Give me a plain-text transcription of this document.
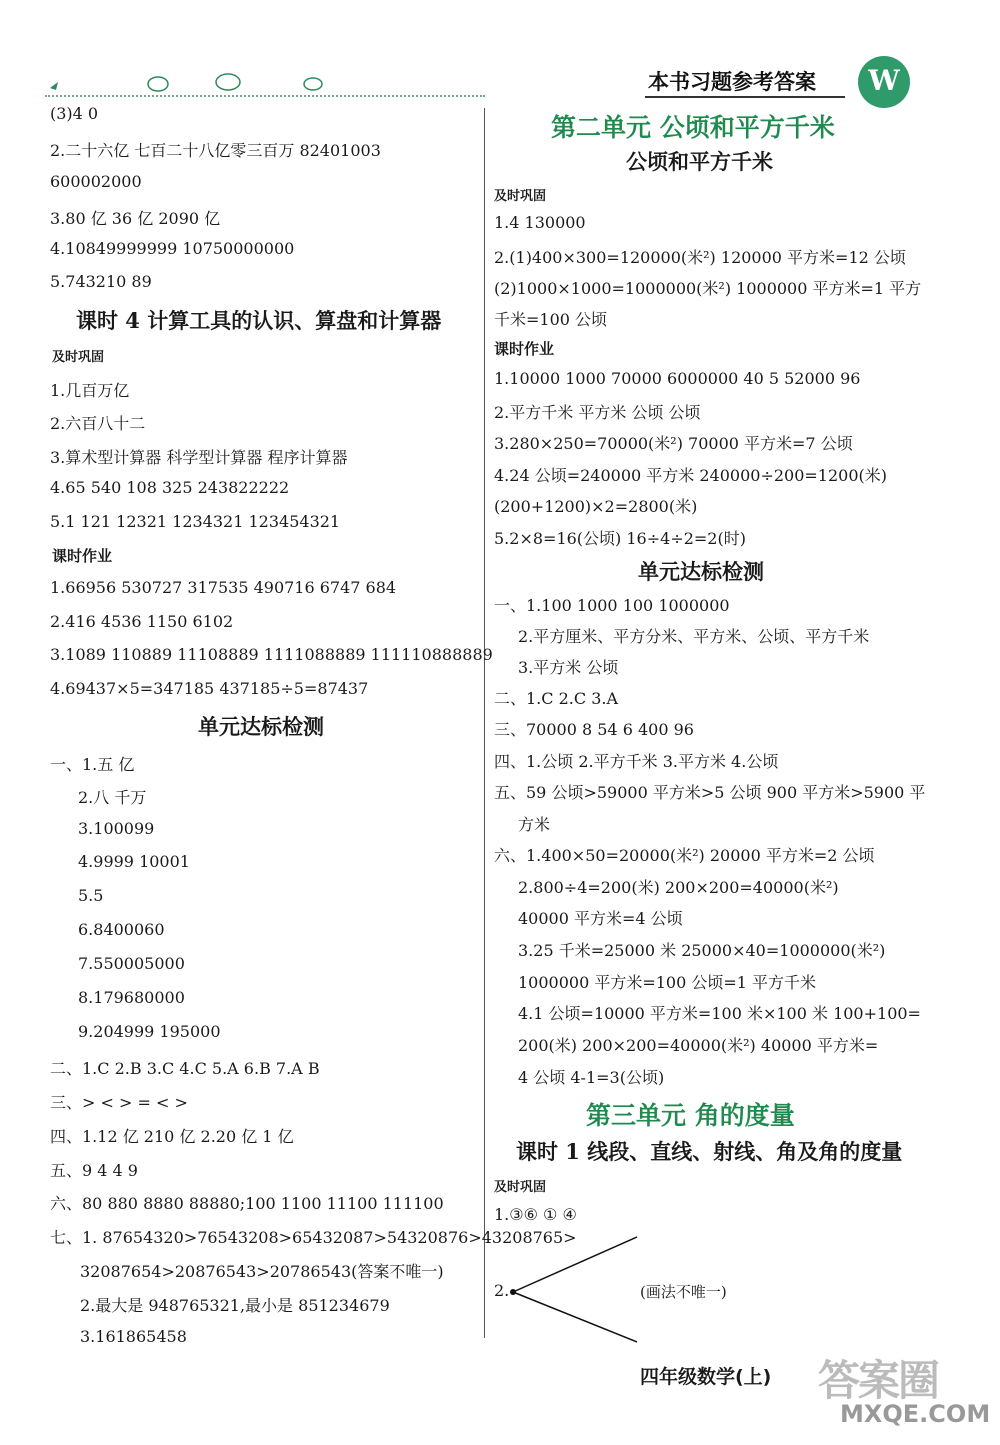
本书习题参考答案	W
(3)4 0
2.二十六亿 七百二十八亿零三百万 82401003
600002000
3.80 亿 36 亿 2090 亿
4.10849999999 10750000000
5.743210 89
课时 4 计算工具的认识、算盘和计算器
及时巩固
1.几百万亿
2.六百八十二
3.算术型计算器 科学型计算器 程序计算器
4.65 540 108 325 243822222
5.1 121 12321 1234321 123454321
课时作业
1.66956 530727 317535 490716 6747 684
2.416 4536 1150 6102
3.1089 110889 11108889 1111088889 111110888889
4.69437×5=347185 437185÷5=87437
单元达标检测
一、1.五 亿
2.八 千万
3.100099
4.9999 10001
5.5
6.8400060
7.550005000
8.179680000
9.204999 195000
二、1.C 2.B 3.C 4.C 5.A 6.B 7.A B
三、> < > = < >
四、1.12 亿 210 亿 2.20 亿 1 亿
五、9 4 4 9
六、80 880 8880 88880;100 1100 11100 111100
七、1. 87654320>76543208>65432087>54320876>43208765>
32087654>20876543>20786543(答案不唯一)
2.最大是 948765321,最小是 851234679
3.161865458
第二单元 公顷和平方千米
公顷和平方千米
及时巩固
1.4 130000
2.(1)400×300=120000(米²) 120000 平方米=12 公顷
(2)1000×1000=1000000(米²) 1000000 平方米=1 平方
千米=100 公顷
课时作业
1.10000 1000 70000 6000000 40 5 52000 96
2.平方千米 平方米 公顷 公顷
3.280×250=70000(米²) 70000 平方米=7 公顷
4.24 公顷=240000 平方米 240000÷200=1200(米)
(200+1200)×2=2800(米)
5.2×8=16(公顷) 16÷4÷2=2(时)
单元达标检测
一、1.100 1000 100 1000000
2.平方厘米、平方分米、平方米、公顷、平方千米
3.平方米 公顷
二、1.C 2.C 3.A
三、70000 8 54 6 400 96
四、1.公顷 2.平方千米 3.平方米 4.公顷
五、59 公顷>59000 平方米>5 公顷 900 平方米>5900 平
方米
六、1.400×50=20000(米²) 20000 平方米=2 公顷
2.800÷4=200(米) 200×200=40000(米²)
40000 平方米=4 公顷
3.25 千米=25000 米 25000×40=1000000(米²)
1000000 平方米=100 公顷=1 平方千米
4.1 公顷=10000 平方米=100 米×100 米 100+100=
200(米) 200×200=40000(米²) 40000 平方米=
4 公顷 4-1=3(公顷)
第三单元 角的度量
课时 1 线段、直线、射线、角及角的度量
及时巩固
1.③⑥ ① ④
2.	(画法不唯一)
四年级数学(上) 答案圈
MXQE.COM
